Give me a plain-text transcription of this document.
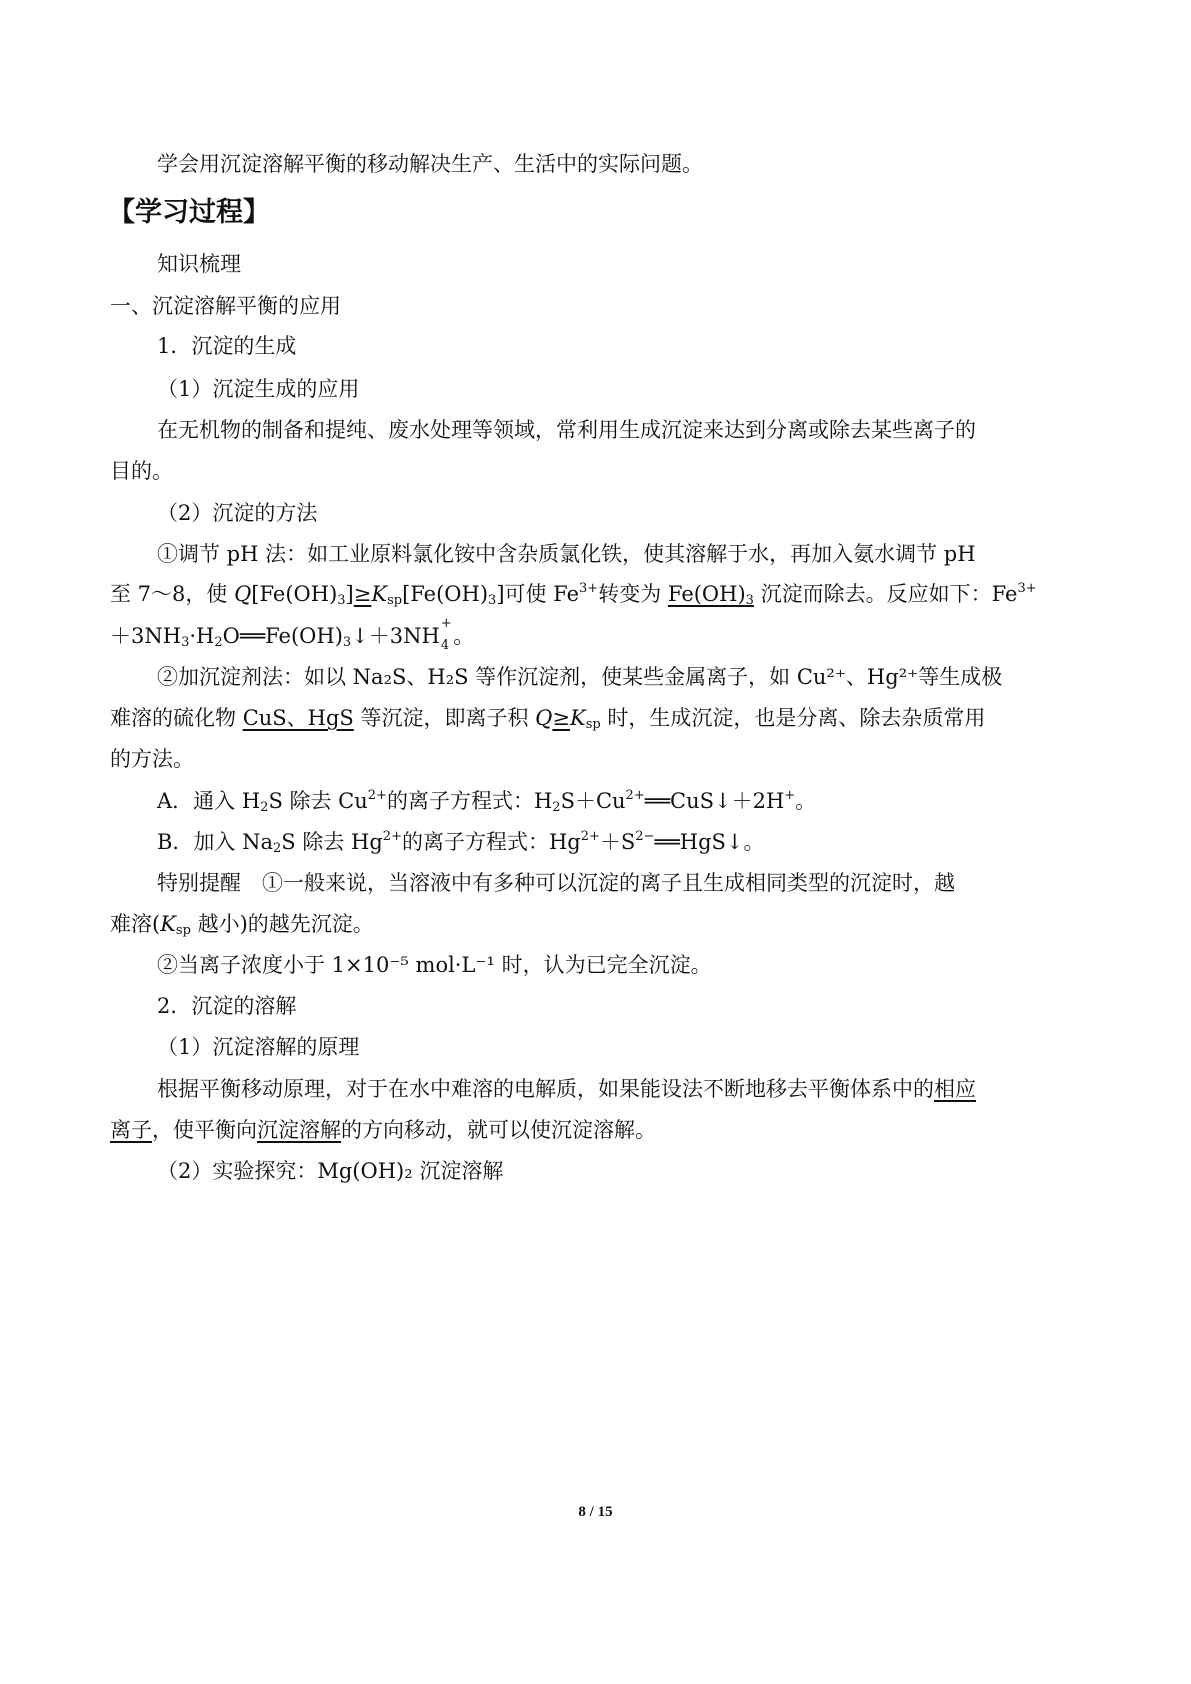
学会用沉淀溶解平衡的移动解决生产、生活中的实际问题。
【学习过程】
知识梳理
一、沉淀溶解平衡的应用
1．沉淀的生成
（1）沉淀生成的应用
在无机物的制备和提纯、废水处理等领域，常利用生成沉淀来达到分离或除去某些离子的
目的。
（2）沉淀的方法
①调节 pH 法：如工业原料氯化铵中含杂质氯化铁，使其溶解于水，再加入氨水调节 pH
至 7～8，使 $Q[Fe(OH)_3]\ge K_{sp}[Fe(OH)_3]$可使 $Fe^{3+}$转变为 $Fe(OH)_3$ 沉淀而除去。反应如下：$Fe^{3+}$
$+3NH_3\cdot H_2O══Fe(OH)_3↓+3NH$
+
4 。
②加沉淀剂法：如以 Na₂S、H₂S 等作沉淀剂，使某些金属离子，如 Cu²⁺、Hg²⁺等生成极
难溶的硫化物 CuS、HgS 等沉淀，即离子积 $Q\ge K_{sp}$ 时，生成沉淀，也是分离、除去杂质常用
的方法。
A．通入 $H_2S$ 除去 $Cu^{2+}$的离子方程式：$H_2S+Cu^{2+}══CuS↓+2H^+$。
B．加入 $Na_2S$ 除去 $Hg^{2+}$的离子方程式：$Hg^{2+}+S^{2-}══HgS↓$。
特别提醒　①一般来说，当溶液中有多种可以沉淀的离子且生成相同类型的沉淀时，越
难溶($K_{sp}$ 越小)的越先沉淀。
②当离子浓度小于 1×10⁻⁵ mol·L⁻¹ 时，认为已完全沉淀。
2．沉淀的溶解
（1）沉淀溶解的原理
根据平衡移动原理，对于在水中难溶的电解质，如果能设法不断地移去平衡体系中的相应
离子，使平衡向沉淀溶解的方向移动，就可以使沉淀溶解。
（2）实验探究：Mg(OH)₂ 沉淀溶解
8 / 15
